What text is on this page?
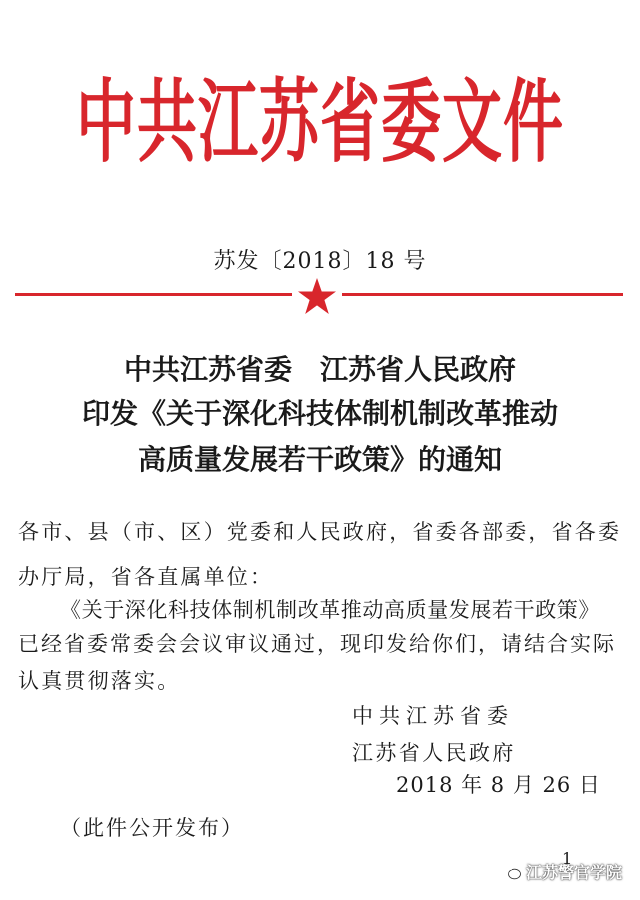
中共江苏省委文件
苏发〔2018〕18 号
中共江苏省委 江苏省人民政府
印发《关于深化科技体制机制改革推动
高质量发展若干政策》的通知
各市、县（市、区）党委和人民政府，省委各部委，省各委
办厅局，省各直属单位：
《关于深化科技体制机制改革推动高质量发展若干政策》
已经省委常委会会议审议通过，现印发给你们，请结合实际
认真贯彻落实。
中共江苏省委
江苏省人民政府
2018 年 8 月 26 日
（此件公开发布）
1
江苏警官学院
